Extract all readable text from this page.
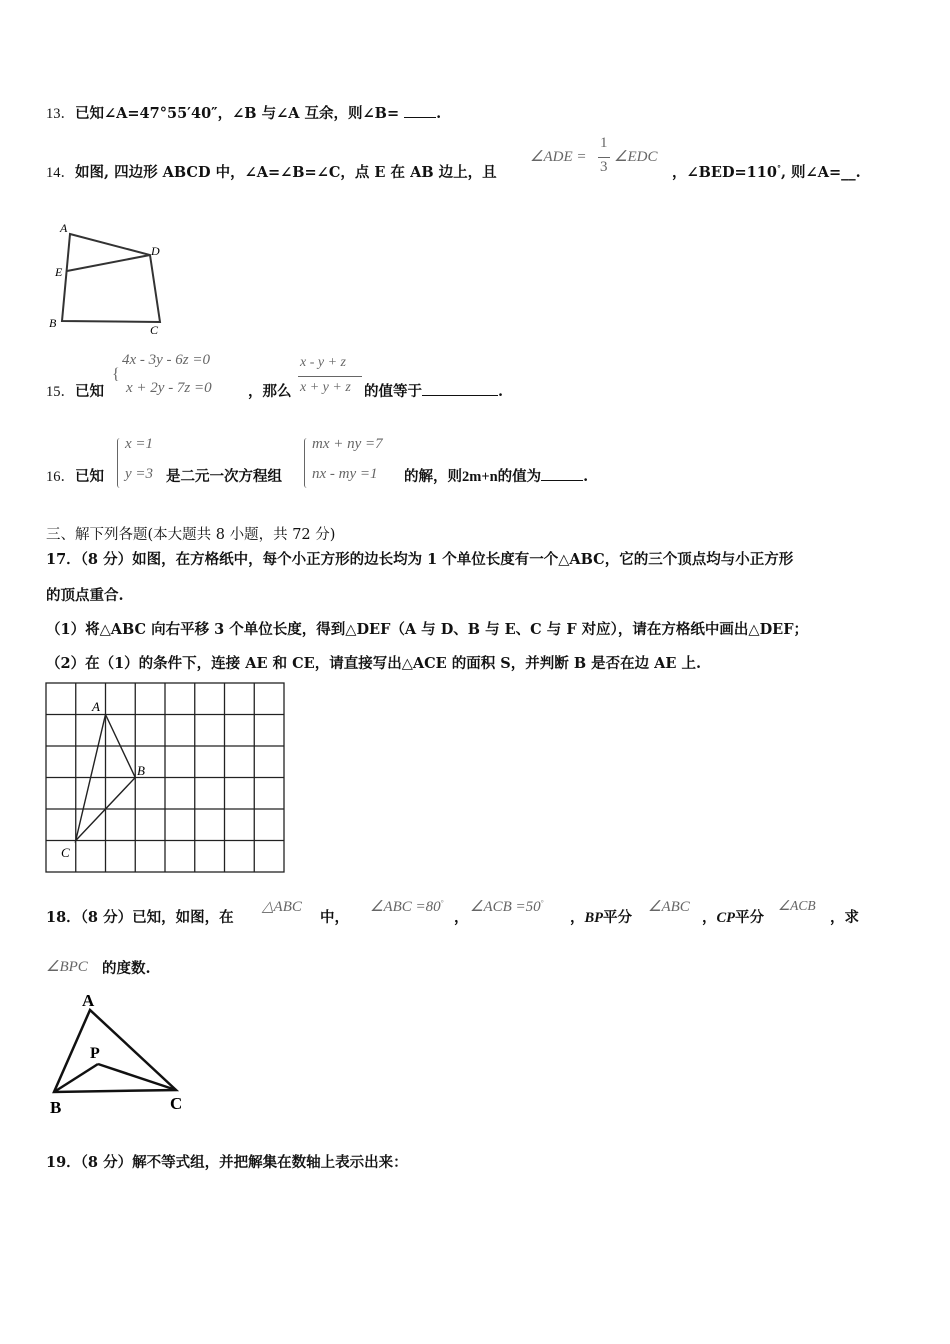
13．已知∠A=47°55′40″，∠B 与∠A 互余，则∠B=	.
14．如图, 四边形 ABCD 中，∠A=∠B=∠C，点 E 在 AB 边上，且
∠ADE =
1
3
∠EDC
，∠BED=110°, 则∠A=__.
A
D
E
B	C
15．已知
{
4x - 3y - 6z =0
x + 2y - 7z =0	，那么
x - y + z
x + y + z 的值等于	.
16．已知
x =1
y =3 是二元一次方程组
mx + ny =7
nx - my =1 的解，则2m+n的值为	.
三、解下列各题(本大题共 8 小题，共 72 分)
17．（8 分）如图，在方格纸中，每个小正方形的边长均为 1 个单位长度有一个△ABC，它的三个顶点均与小正方形
的顶点重合.
（1）将△ABC 向右平移 3 个单位长度，得到△DEF（A 与 D、B 与 E、C 与 F 对应），请在方格纸中画出△DEF；
（2）在（1）的条件下，连接 AE 和 CE，请直接写出△ACE 的面积 S，并判断 B 是否在边 AE 上.
A
B
C
18．（8 分）已知，如图，在
△ABC
中，
∠ABC =80°
，
∠ACB =50°
，BP平分
∠ABC
，CP平分
∠ACB
，求
∠BPC 的度数.
A
P
B	C
19．（8 分）解不等式组，并把解集在数轴上表示出来：
